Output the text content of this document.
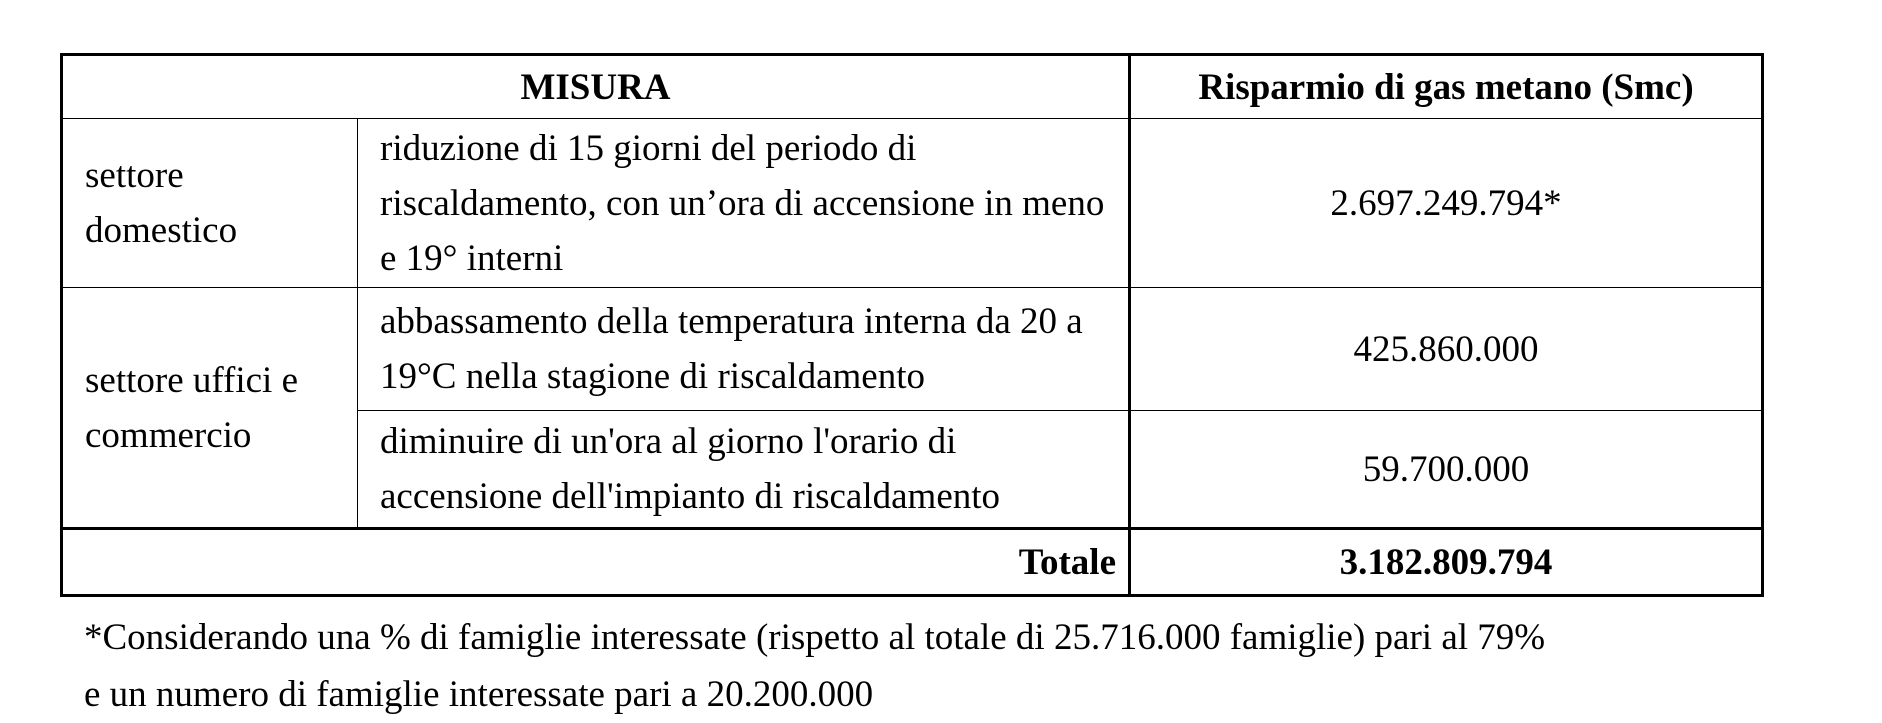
MISURA		Risparmio di gas metano (Smc)
settore domestico	riduzione di 15 giorni del periodo di riscaldamento, con un’ora di accensione in meno e 19° interni	2.697.249.794*
settore uffici e commercio	abbassamento della temperatura interna da 20 a 19°C nella stagione di riscaldamento	425.860.000
	diminuire di un'ora al giorno l'orario di accensione dell'impianto di riscaldamento	59.700.000
Totale		3.182.809.794

*Considerando una % di famiglie interessate (rispetto al totale di 25.716.000 famiglie) pari al 79%

e un numero di famiglie interessate pari a 20.200.000
